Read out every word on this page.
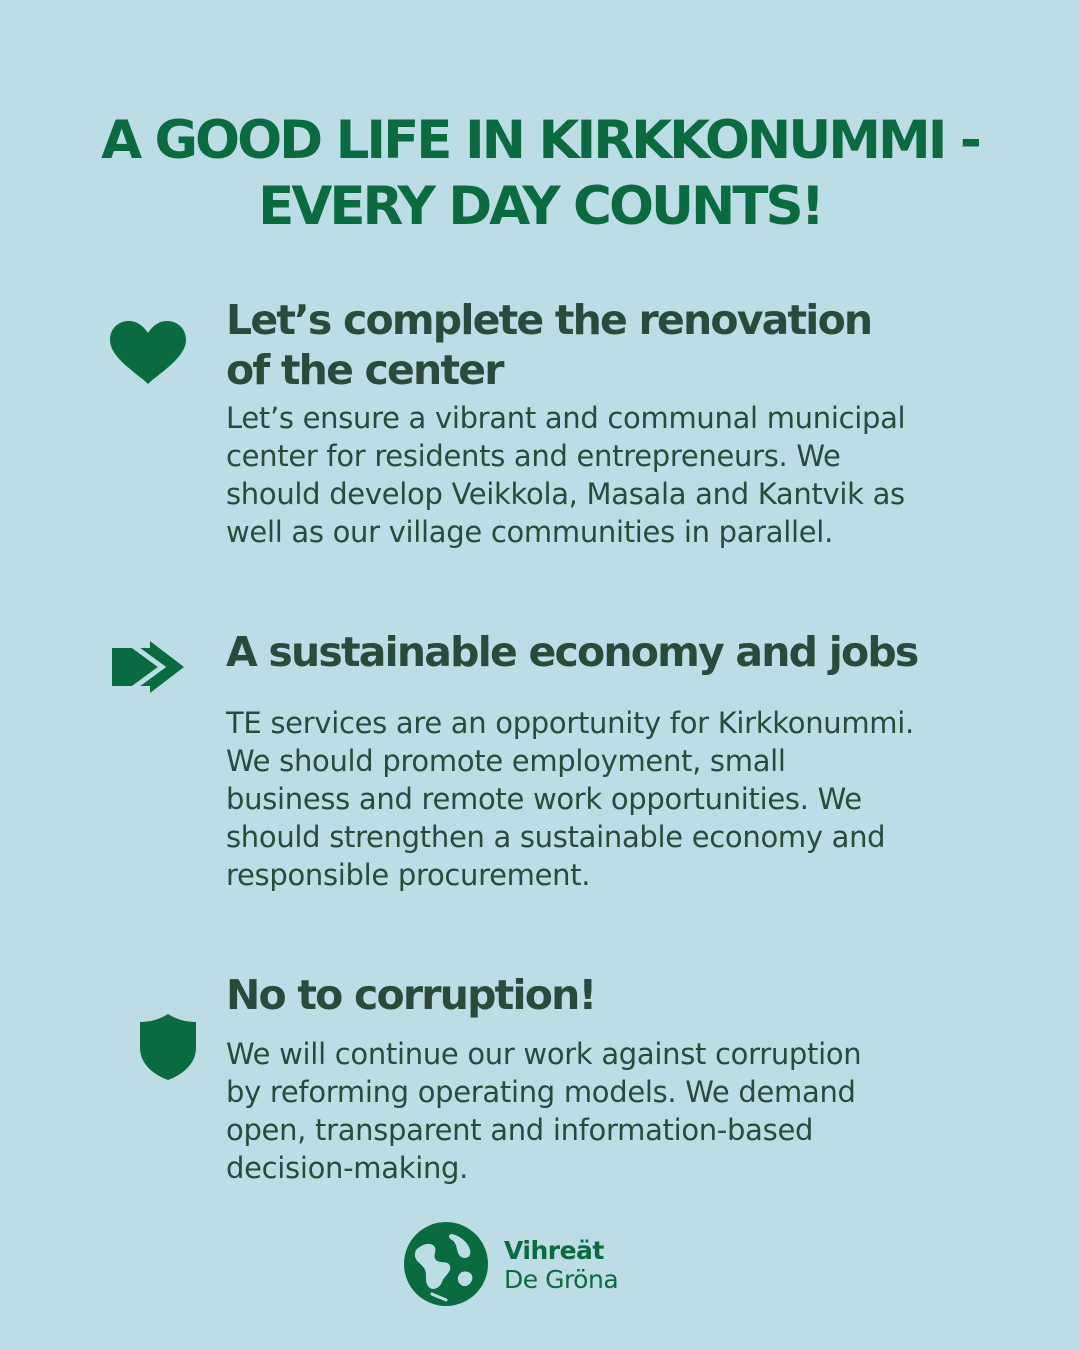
A GOOD LIFE IN KIRKKONUMMI -
EVERY DAY COUNTS!
Let’s complete the renovation
of the center

Let’s ensure a vibrant and communal municipal
center for residents and entrepreneurs. We
should develop Veikkola, Masala and Kantvik as
well as our village communities in parallel.

A sustainable economy and jobs

TE services are an opportunity for Kirkkonummi.
We should promote employment, small
business and remote work opportunities. We
should strengthen a sustainable economy and
responsible procurement.

No to corruption!

We will continue our work against corruption
by reforming operating models. We demand
open, transparent and information-based
decision-making.

Vihreät
De Gröna
